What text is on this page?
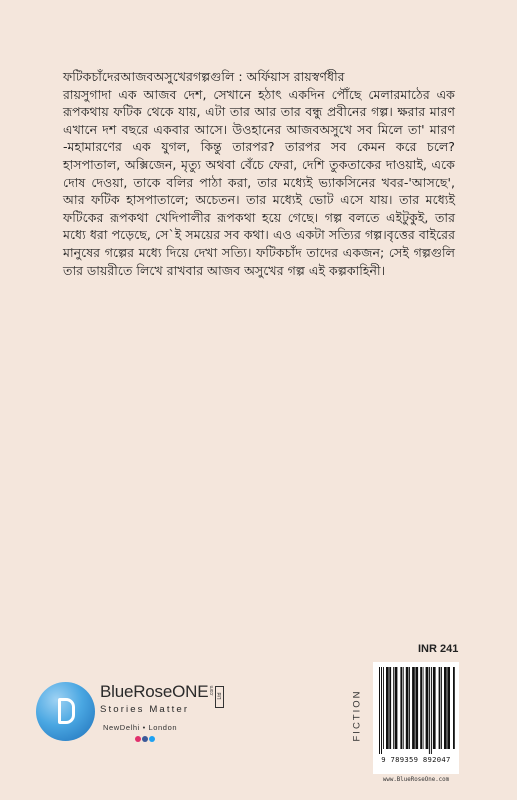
ফটিকচাঁদেরআজবঅসুখেরগল্পগুলি : অর্ফিয়াস রায়স্বর্ণধীর

রায়সুগাদা এক আজব দেশ, সেখানে হঠাৎ একদিন পৌঁছে মেলারমাঠের এক রূপকথায় ফটিক থেকে যায়, এটা তার আর তার বন্ধু প্রবীনের গল্প। ক্ষরার মারণ এখানে দশ বছরে একবার আসে। উওহানের আজবঅসুখে সব মিলে তা' মারণ -মহামারণের এক যুগল, কিন্তু তারপর? তারপর সব কেমন করে চলে? হাসপাতাল, অক্সিজেন, মৃত্যু অথবা বেঁচে ফেরা, দেশি তুকতাকের দাওয়াই, একে দোষ দেওয়া, তাকে বলির পাঠা করা, তার মধ্যেই ভ্যাকসিনের খবর-'আসছে', আর ফটিক হাসপাতালে; অচেতন। তার মধ্যেই ভোট এসে যায়। তার মধ্যেই ফটিকের রূপকথা খেদিপালীর রূপকথা হয়ে গেছে। গল্প বলতে এইটুকুই, তার মধ্যে ধরা পড়েছে, সে`ই সময়ের সব কথা। এও একটা সত্যির গল্প।বৃত্তের বাইরের মানুষের গল্পের মধ্যে দিয়ে দেখা সত্যি। ফটিকচাঁদ তাদের একজন; সেই গল্পগুলি তার ডায়রীতে লিখে রাখবার আজব অসুখের গল্প এই কল্পকাহিনী।

INR 241
FICTION
9 789359 892047
www.BlueRoseOne.com
BlueRoseONE .com Ltd
Stories Matter
NewDelhi • London
